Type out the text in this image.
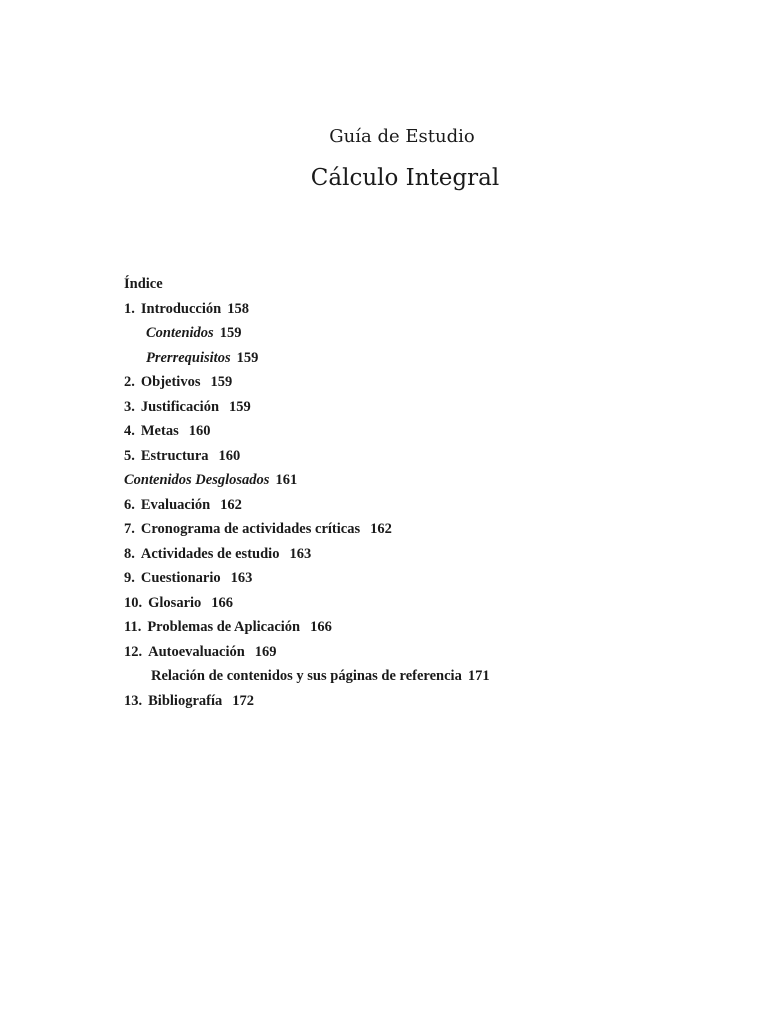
Guía de Estudio
Cálculo Integral
Índice
1. Introducción 158
Contenidos 159
Prerrequisitos 159
2. Objetivos 159
3. Justificación 159
4. Metas 160
5. Estructura 160
Contenidos Desglosados 161
6. Evaluación 162
7. Cronograma de actividades críticas 162
8. Actividades de estudio 163
9. Cuestionario 163
10. Glosario 166
11. Problemas de Aplicación 166
12. Autoevaluación 169
Relación de contenidos y sus páginas de referencia 171
13. Bibliografía 172
